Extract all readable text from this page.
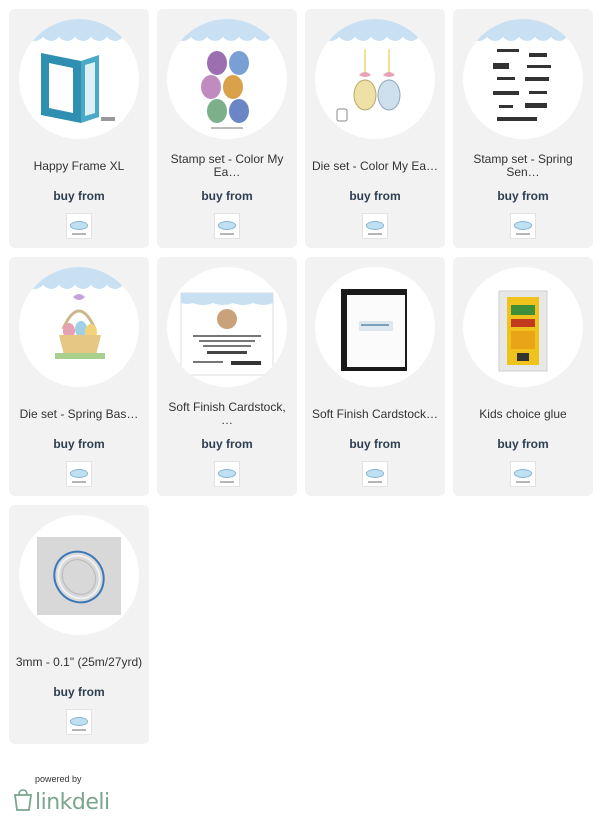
Happy Frame XL
buy from
Stamp set - Color My Ea…
buy from
Die set - Color My Ea…
buy from
Stamp set - Spring Sen…
buy from
Die set - Spring Bas…
buy from
Soft Finish Cardstock, …
buy from
Soft Finish Cardstock…
buy from
Kids choice glue
buy from
3mm - 0.1" (25m/27yrd)
buy from
powered by
linkdeli
